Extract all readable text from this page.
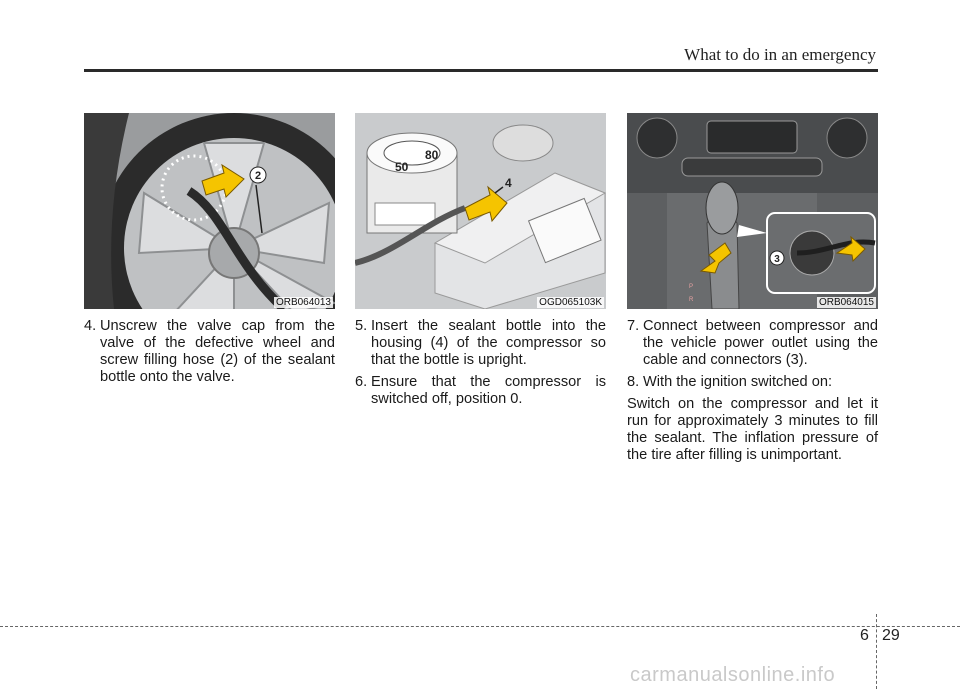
What to do in an emergency
2
ORB064013
80
50
4
OGD065103K
P
R
3
ORB064015
4. Unscrew the valve cap from the valve of the defective wheel and screw filling hose (2) of the sealant bottle onto the valve.
5. Insert the sealant bottle into the housing (4) of the compressor so that the bottle is upright.
6. Ensure that the compressor is switched off, position 0.
7. Connect between compressor and the vehicle power outlet using the cable and connectors (3).
8. With the ignition switched on:

Switch on the compressor and let it run for approximately 3 minutes to fill the sealant. The inflation pressure of the tire after filling is unimportant.

6 29
carmanualsonline.info
